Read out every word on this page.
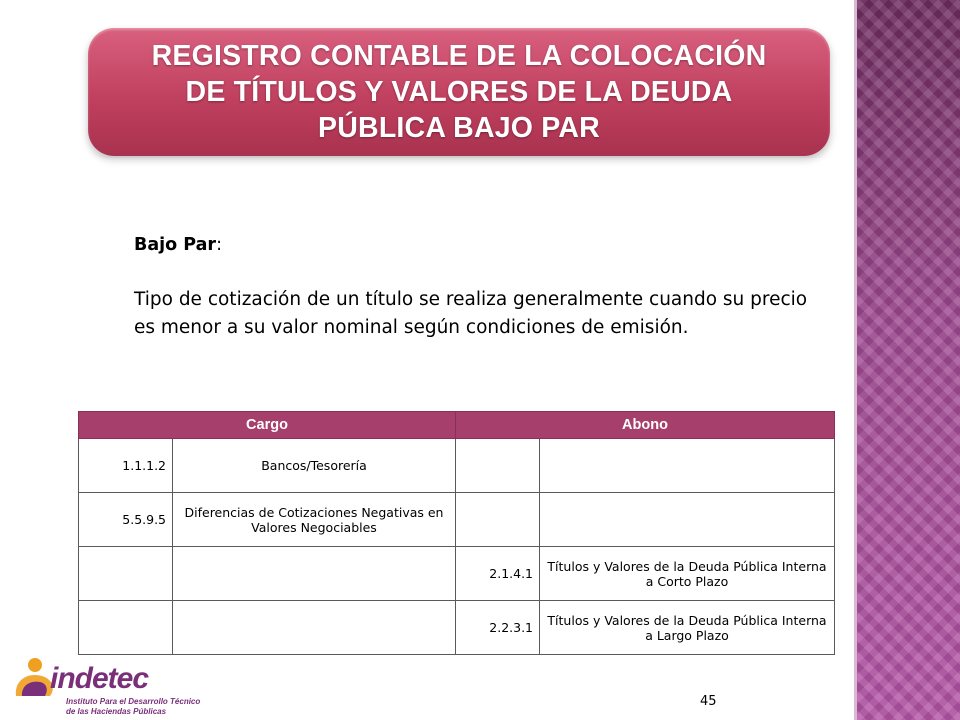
REGISTRO CONTABLE DE LA COLOCACIÓN
DE TÍTULOS Y VALORES DE LA DEUDA
PÚBLICA BAJO PAR
Bajo Par:
Tipo de cotización de un título se realiza generalmente cuando su precio es menor a su valor nominal según condiciones de emisión.
Cargo		Abono	
1.1.1.2	Bancos/Tesorería		
5.5.9.5	Diferencias de Cotizaciones Negativas en Valores Negociables		
		2.1.4.1	Títulos y Valores de la Deuda Pública Interna a Corto Plazo
		2.2.3.1	Títulos y Valores de la Deuda Pública Interna a Largo Plazo
indetec
Instituto Para el Desarrollo Técnico
de las Haciendas Públicas
45
